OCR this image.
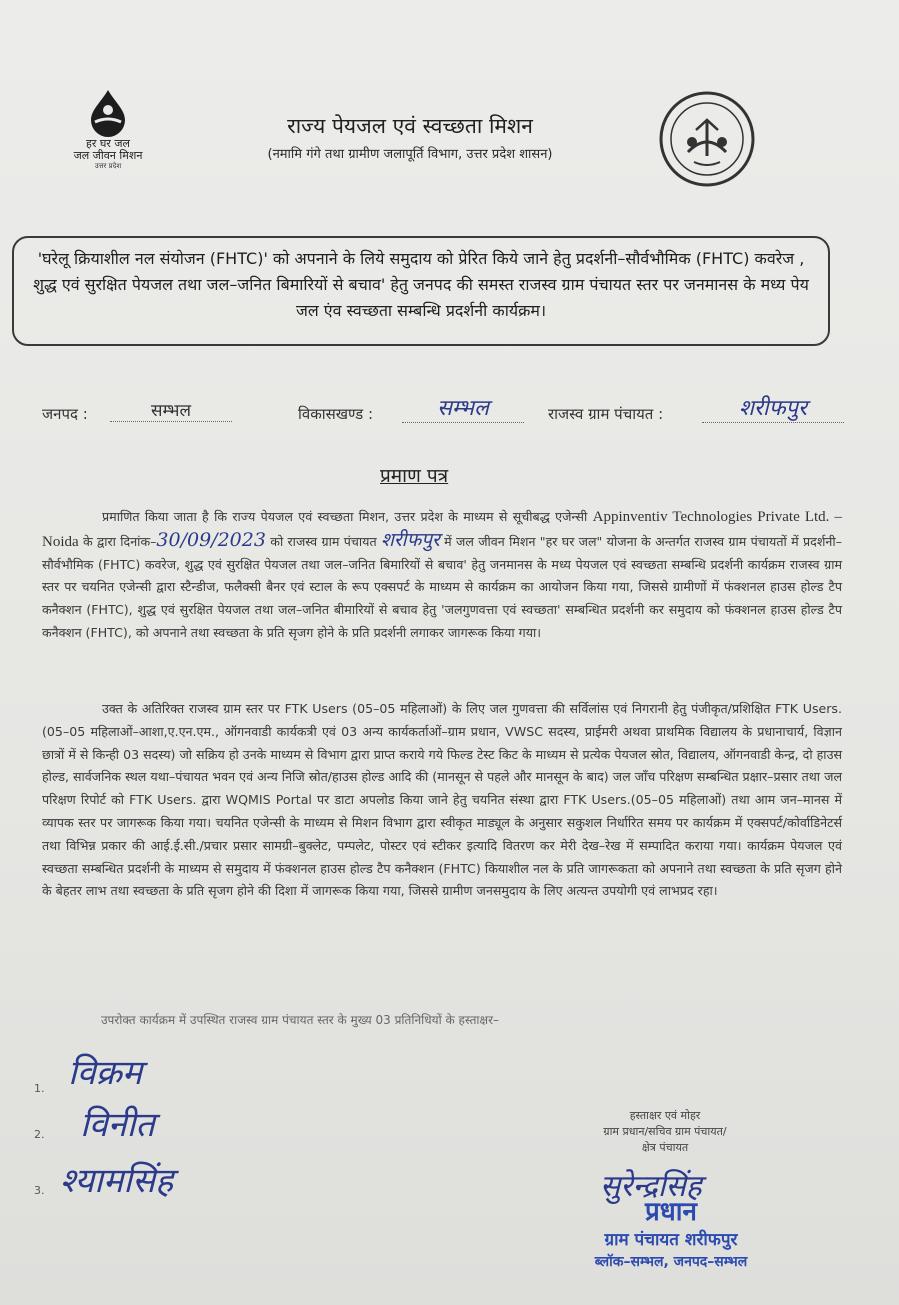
हर घर जल
जल जीवन मिशन
उत्तर प्रदेश
राज्य पेयजल एवं स्वच्छता मिशन
(नमामि गंगे तथा ग्रामीण जलापूर्ति विभाग, उत्तर प्रदेश शासन)
'घरेलू क्रियाशील नल संयोजन (FHTC)' को अपनाने के लिये समुदाय को प्रेरित किये जाने हेतु प्रदर्शनी–सौर्वभौमिक (FHTC) कवरेज , शुद्ध एवं सुरक्षित पेयजल तथा जल–जनित बिमारियों से बचाव' हेतु जनपद की समस्त राजस्व ग्राम पंचायत स्तर पर जनमानस के मध्य पेय जल एंव स्वच्छता सम्बन्धि प्रदर्शनी कार्यक्रम।
जनपद :	सम्भल	विकासखण्ड :	सम्भल	राजस्व ग्राम पंचायत :	शरीफपुर
प्रमाण पत्र
प्रमाणित किया जाता है कि राज्य पेयजल एवं स्वच्छता मिशन, उत्तर प्रदेश के माध्यम से सूचीबद्ध एजेन्सी Appinventiv Technologies Private Ltd. – Noida के द्वारा दिनांक–30/09/2023 को राजस्व ग्राम पंचायत शरीफपुर में जल जीवन मिशन "हर घर जल" योजना के अन्तर्गत राजस्व ग्राम पंचायतों में प्रदर्शनी–सौर्वभौमिक (FHTC) कवरेज, शुद्ध एवं सुरक्षित पेयजल तथा जल–जनित बिमारियों से बचाव' हेतु जनमानस के मध्य पेयजल एवं स्वच्छता सम्बन्धि प्रदर्शनी कार्यक्रम राजस्व ग्राम स्तर पर चयनित एजेन्सी द्वारा स्टैन्डीज, फलैक्सी बैनर एवं स्टाल के रूप एक्सपर्ट के माध्यम से कार्यक्रम का आयोजन किया गया, जिससे ग्रामीणों में फंक्शनल हाउस होल्ड टैप कनैक्शन (FHTC), शुद्ध एवं सुरक्षित पेयजल तथा जल–जनित बीमारियों से बचाव हेतु 'जलगुणवत्ता एवं स्वच्छता' सम्बन्धित प्रदर्शनी कर समुदाय को फंक्शनल हाउस होल्ड टैप कनैक्शन (FHTC), को अपनाने तथा स्वच्छता के प्रति सृजग होने के प्रति प्रदर्शनी लगाकर जागरूक किया गया।
उक्त के अतिरिक्त राजस्व ग्राम स्तर पर FTK Users (05–05 महिलाओं) के लिए जल गुणवत्ता की सर्विलांस एवं निगरानी हेतु पंजीकृत/प्रशिक्षित FTK Users.(05–05 महिलाओं–आशा,ए.एन.एम., ऑगनवाडी कार्यकत्री एवं 03 अन्य कार्यकर्ताओं–ग्राम प्रधान, VWSC सदस्य, प्राईमरी अथवा प्राथमिक विद्यालय के प्रधानाचार्य, विज्ञान छात्रों में से किन्ही 03 सदस्य) जो सक्रिय हो उनके माध्यम से विभाग द्वारा प्राप्त कराये गये फिल्ड टेस्ट किट के माध्यम से प्रत्येक पेयजल स्रोत, विद्यालय, ऑगनवाडी केन्द्र, दो हाउस होल्ड, सार्वजनिक स्थल यथा–पंचायत भवन एवं अन्य निजि स्रोत/हाउस होल्ड आदि की (मानसून से पहले और मानसून के बाद) जल जाँच परिक्षण सम्बन्धित प्रक्षार–प्रसार तथा जल परिक्षण रिपोर्ट को FTK Users. द्वारा WQMIS Portal पर डाटा अपलोड किया जाने हेतु चयनित संस्था द्वारा FTK Users.(05–05 महिलाओं) तथा आम जन–मानस में व्यापक स्तर पर जागरूक किया गया। चयनित एजेन्सी के माध्यम से मिशन विभाग द्वारा स्वीकृत माड्यूल के अनुसार सकुशल निर्धारित समय पर कार्यक्रम में एक्सपर्ट/कोर्वाडिनेटर्स तथा विभिन्न प्रकार की आई.ई.सी./प्रचार प्रसार सामग्री–बुक्लेट, पम्पलेट, पोस्टर एवं स्टीकर इत्यादि वितरण कर मेरी देख–रेख में सम्पादित कराया गया। कार्यक्रम पेयजल एवं स्वच्छता सम्बन्धित प्रदर्शनी के माध्यम से समुदाय में फंक्शनल हाउस होल्ड टैप कनैक्शन (FHTC) कियाशील नल के प्रति जागरूकता को अपनाने तथा स्वच्छता के प्रति सृजग होने के बेहतर लाभ तथा स्वच्छता के प्रति सृजग होने की दिशा में जागरूक किया गया, जिससे ग्रामीण जनसमुदाय के लिए अत्यन्त उपयोगी एवं लाभप्रद रहा।
उपरोक्त कार्यक्रम में उपस्थित राजस्व ग्राम पंचायत स्तर के मुख्य 03 प्रतिनिधियों के हस्ताक्षर–
1. विक्रम
2. विनीत
3. श्यामसिंह
हस्ताक्षर एवं मोहर
ग्राम प्रधान/सचिव ग्राम पंचायत/
क्षेत्र पंचायत
सुरेन्द्रसिंह
प्रधान
ग्राम पंचायत शरीफपुर
ब्लॉक–सम्भल, जनपद–सम्भल
